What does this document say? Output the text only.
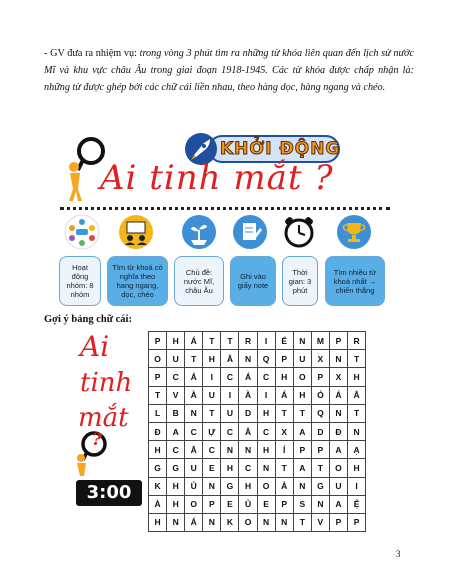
- GV đưa ra nhiệm vụ: trong vòng 3 phút tìm ra những từ khóa liên quan đến lịch sử nước Mĩ và khu vực châu Âu trong giai đoạn 1918-1945. Các từ khóa được chấp nhận là: những từ được ghép bởi các chữ cái liền nhau, theo hàng dọc, hàng ngang và chéo.
KHỞI ĐỘNG
Ai tinh mắt ?
Hoạt động nhóm: 8 nhóm
Tìm từ khoá có nghĩa theo hang ngang, dọc, chéo
Chủ đề: nước Mĩ, châu Âu
Ghi vào giấy note
Thời gian: 3 phút
Tìm nhiều từ khoá nhất → chiến thắng
Gợi ý bảng chữ cái:
Ai
tinh
mắt
?
3:00
P	H	Á	T	T	R	I	Ể	N	M	P	R
O	U	T	H	Â	N	Q	P	U	X	N	T
P	C	Ả	I	C	Á	C	H	O	P	X	H
T	V	À	U	I	À	I	Á	H	Ó	Á	Ắ
L	B	N	T	U	D	H	T	T	Q	N	T
Đ	A	C	Ự	C	Â	C	X	A	D	Đ	N
H	C	Ắ	C	N	N	H	Í	P	P	A	Ạ
G	G	U	E	H	C	N	T	A	T	O	H
K	H	Ủ	N	G	H	O	Ả	N	G	U	I
À	H	O	P	E	Ủ	E	P	S	N	A	Ệ
H	N	Á	N	K	O	N	N	T	V	P	P
3
